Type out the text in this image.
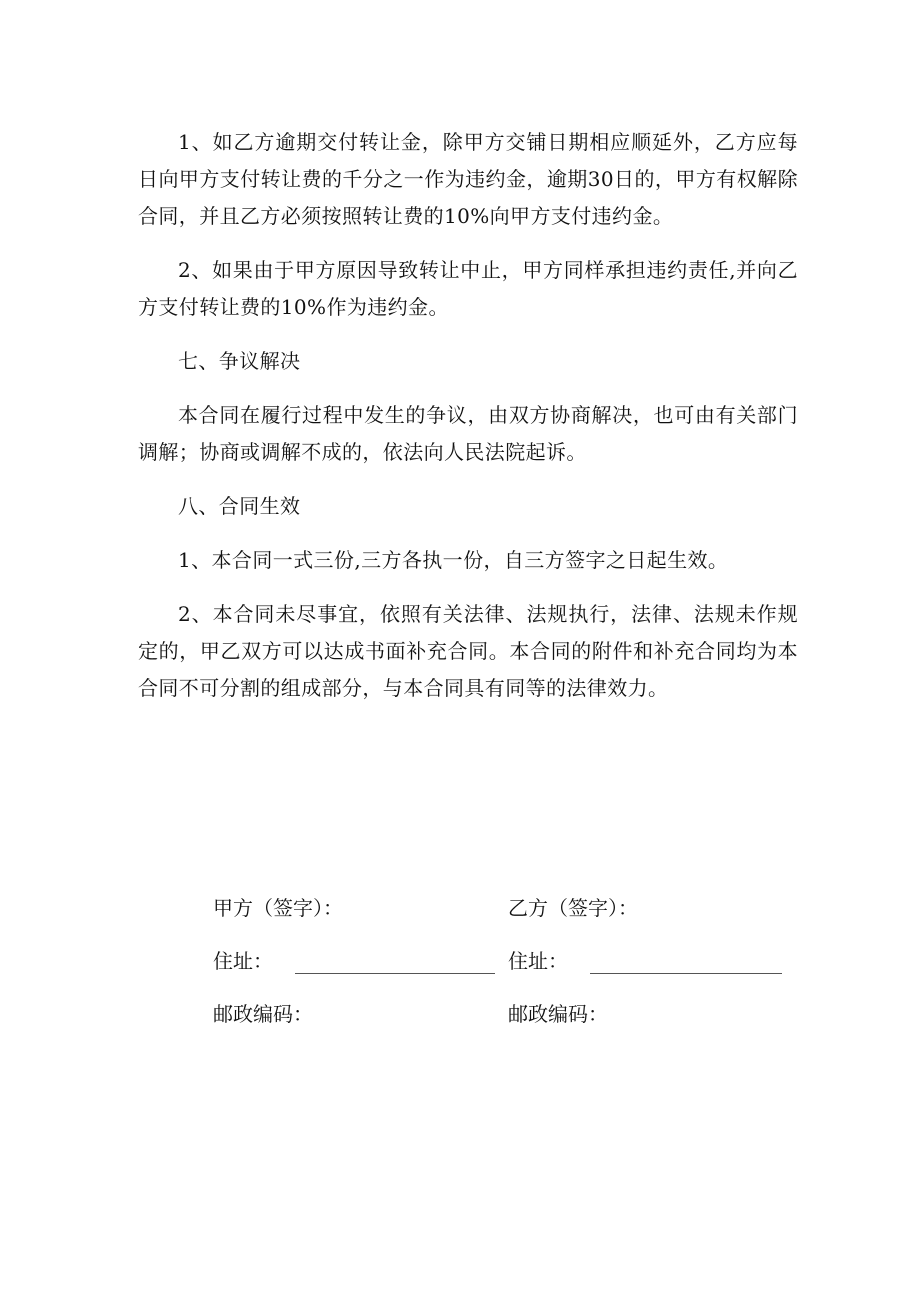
1、如乙方逾期交付转让金，除甲方交铺日期相应顺延外，乙方应每日向甲方支付转让费的千分之一作为违约金，逾期30日的，甲方有权解除合同，并且乙方必须按照转让费的10%向甲方支付违约金。

2、如果由于甲方原因导致转让中止，甲方同样承担违约责任,并向乙方支付转让费的10%作为违约金。

七、争议解决

本合同在履行过程中发生的争议，由双方协商解决，也可由有关部门调解；协商或调解不成的，依法向人民法院起诉。

八、合同生效

1、本合同一式三份,三方各执一份，自三方签字之日起生效。

2、本合同未尽事宜，依照有关法律、法规执行，法律、法规未作规定的，甲乙双方可以达成书面补充合同。本合同的附件和补充合同均为本合同不可分割的组成部分，与本合同具有同等的法律效力。

甲方（签字）：	乙方（签字）：
住址：	住址：
邮政编码：	邮政编码：
